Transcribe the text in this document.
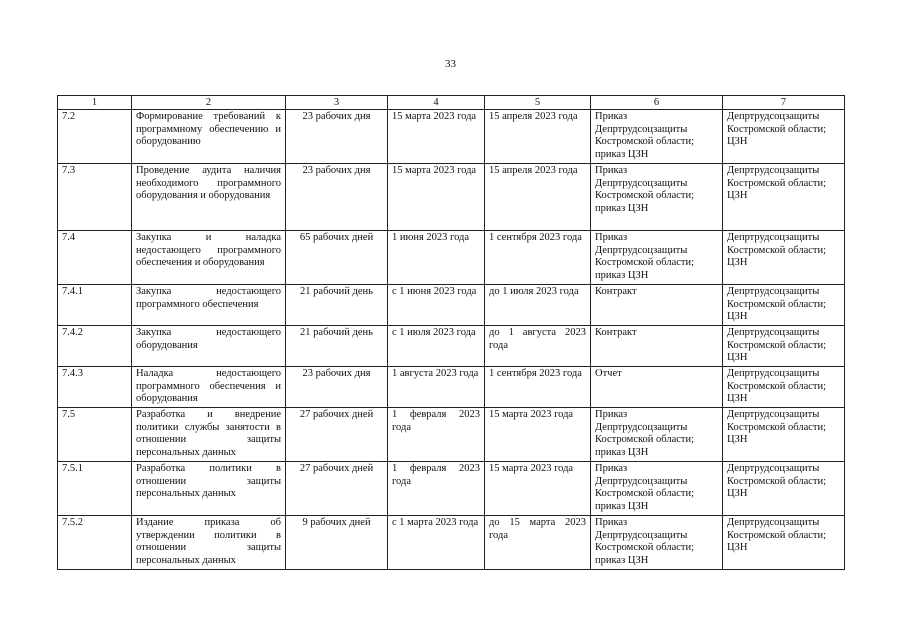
33
1	2	3	4	5	6	7
7.2	Формирование требований к программному обеспечению и оборудованию	23 рабочих дня	15 марта 2023 года	15 апреля 2023 года	Приказ Депртрудсоцзащиты Костромской области; приказ ЦЗН	Депртрудсоцзащиты Костромской области; ЦЗН
7.3	Проведение аудита наличия необходимого программного оборудования и оборудования	23 рабочих дня	15 марта 2023 года	15 апреля 2023 года	Приказ Депртрудсоцзащиты Костромской области; приказ ЦЗН	Депртрудсоцзащиты Костромской области; ЦЗН
7.4	Закупка и наладка недостающего программного обеспечения и оборудования	65 рабочих дней	1 июня 2023 года	1 сентября 2023 года	Приказ Депртрудсоцзащиты Костромской области; приказ ЦЗН	Депртрудсоцзащиты Костромской области; ЦЗН
7.4.1	Закупка недостающего программного обеспечения	21 рабочий день	с 1 июня 2023 года	до 1 июля 2023 года	Контракт	Депртрудсоцзащиты Костромской области; ЦЗН
7.4.2	Закупка недостающего оборудования	21 рабочий день	с 1 июля 2023 года	до 1 августа 2023 года	Контракт	Депртрудсоцзащиты Костромской области; ЦЗН
7.4.3	Наладка недостающего программного обеспечения и оборудования	23 рабочих дня	1 августа 2023 года	1 сентября 2023 года	Отчет	Депртрудсоцзащиты Костромской области; ЦЗН
7.5	Разработка и внедрение политики службы занятости в отношении защиты персональных данных	27 рабочих дней	1 февраля 2023 года	15 марта 2023 года	Приказ Депртрудсоцзащиты Костромской области; приказ ЦЗН	Депртрудсоцзащиты Костромской области; ЦЗН
7.5.1	Разработка политики в отношении защиты персональных данных	27 рабочих дней	1 февраля 2023 года	15 марта 2023 года	Приказ Депртрудсоцзащиты Костромской области; приказ ЦЗН	Депртрудсоцзащиты Костромской области; ЦЗН
7.5.2	Издание приказа об утверждении политики в отношении защиты персональных данных	9 рабочих дней	с 1 марта 2023 года	до 15 марта 2023 года	Приказ Депртрудсоцзащиты Костромской области; приказ ЦЗН	Депртрудсоцзащиты Костромской области; ЦЗН
